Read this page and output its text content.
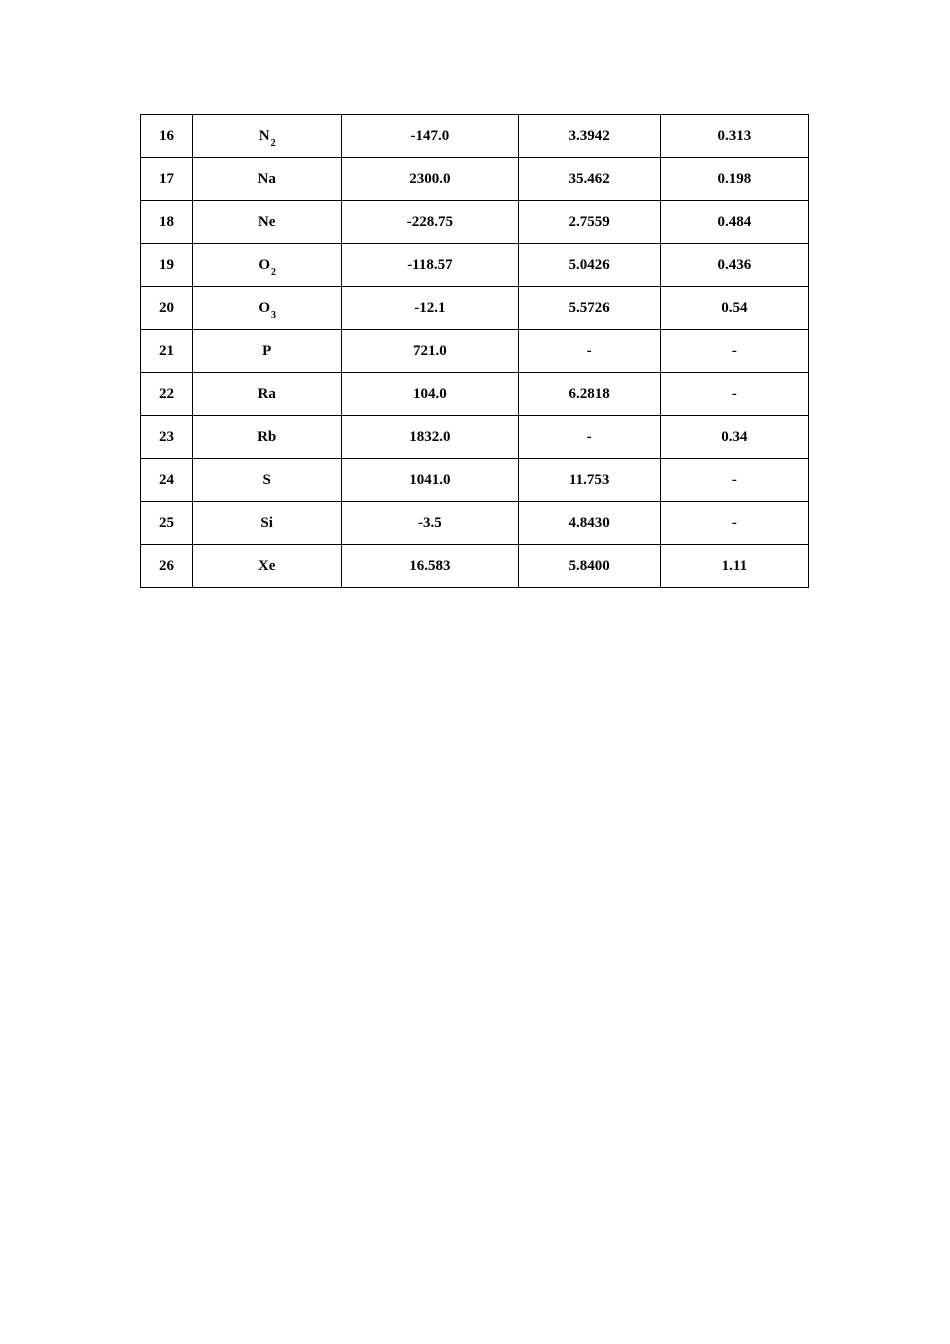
16	$N_2$	-147.0	3.3942	0.313
17	Na	2300.0	35.462	0.198
18	Ne	-228.75	2.7559	0.484
19	$O_2$	-118.57	5.0426	0.436
20	$O_3$	-12.1	5.5726	0.54
21	P	721.0	-	-
22	Ra	104.0	6.2818	-
23	Rb	1832.0	-	0.34
24	S	1041.0	11.753	-
25	Si	-3.5	4.8430	-
26	Xe	16.583	5.8400	1.11
